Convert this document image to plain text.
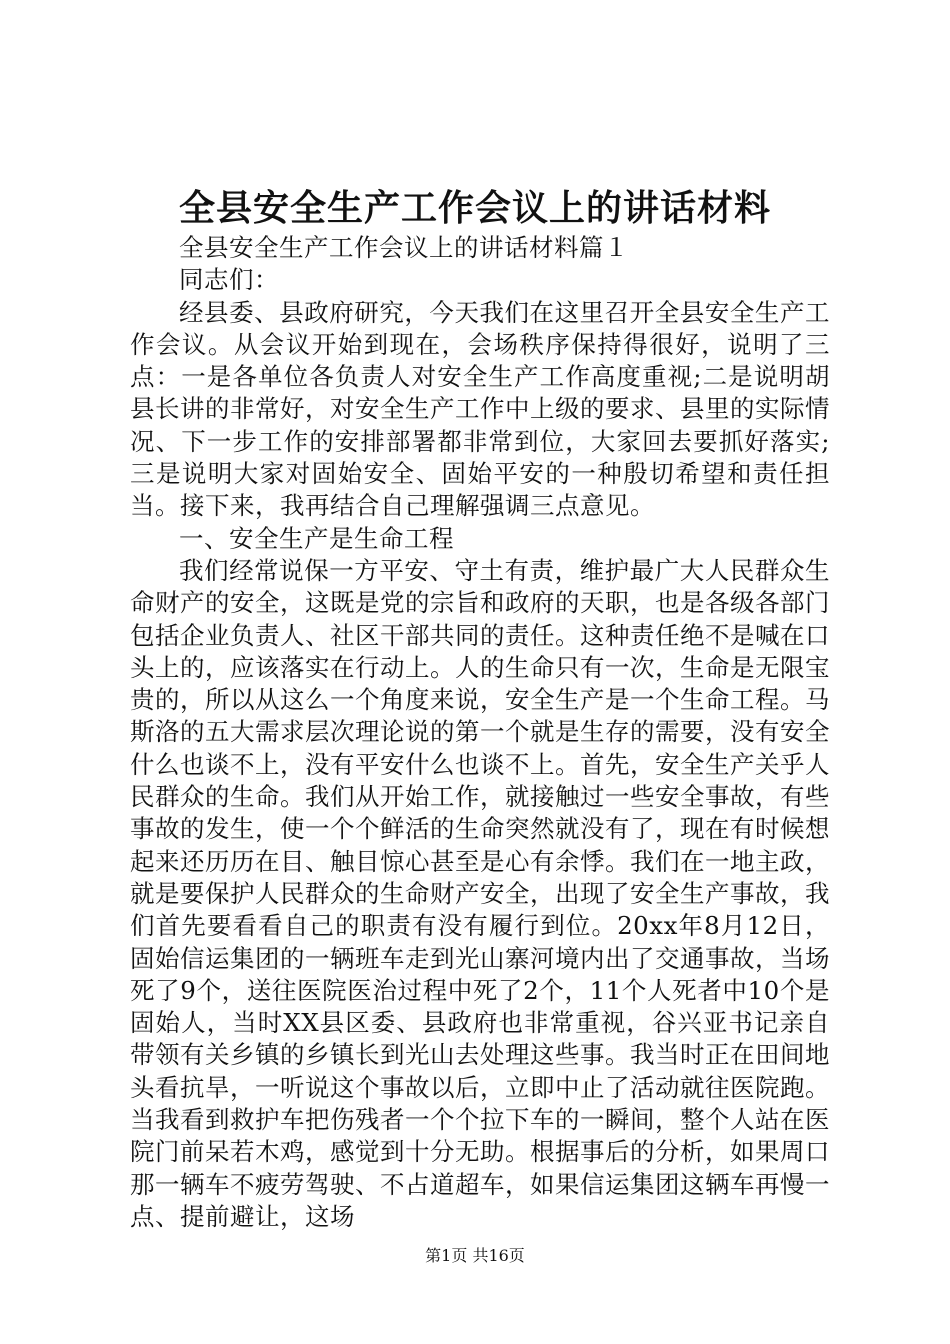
全县安全生产工作会议上的讲话材料

全县安全生产工作会议上的讲话材料篇１

同志们：

经县委、县政府研究，今天我们在这里召开全县安全生产工作会议。从会议开始到现在，会场秩序保持得很好，说明了三点：一是各单位各负责人对安全生产工作高度重视;二是说明胡县长讲的非常好，对安全生产工作中上级的要求、县里的实际情况、下一步工作的安排部署都非常到位，大家回去要抓好落实;三是说明大家对固始安全、固始平安的一种殷切希望和责任担当。接下来，我再结合自己理解强调三点意见。

一、安全生产是生命工程

我们经常说保一方平安、守土有责，维护最广大人民群众生命财产的安全，这既是党的宗旨和政府的天职，也是各级各部门包括企业负责人、社区干部共同的责任。这种责任绝不是喊在口头上的，应该落实在行动上。人的生命只有一次，生命是无限宝贵的，所以从这么一个角度来说，安全生产是一个生命工程。马斯洛的五大需求层次理论说的第一个就是生存的需要，没有安全什么也谈不上，没有平安什么也谈不上。首先，安全生产关乎人民群众的生命。我们从开始工作，就接触过一些安全事故，有些事故的发生，使一个个鲜活的生命突然就没有了，现在有时候想起来还历历在目、触目惊心甚至是心有余悸。我们在一地主政，就是要保护人民群众的生命财产安全，出现了安全生产事故，我们首先要看看自己的职责有没有履行到位。20xx年8月12日，固始信运集团的一辆班车走到光山寨河境内出了交通事故，当场死了9个，送往医院医治过程中死了2个，11个人死者中10个是固始人，当时XX县区委、县政府也非常重视，谷兴亚书记亲自带领有关乡镇的乡镇长到光山去处理这些事。我当时正在田间地头看抗旱，一听说这个事故以后，立即中止了活动就往医院跑。当我看到救护车把伤残者一个个拉下车的一瞬间，整个人站在医院门前呆若木鸡，感觉到十分无助。根据事后的分析，如果周口那一辆车不疲劳驾驶、不占道超车，如果信运集团这辆车再慢一点、提前避让，这场

第1页 共16页
